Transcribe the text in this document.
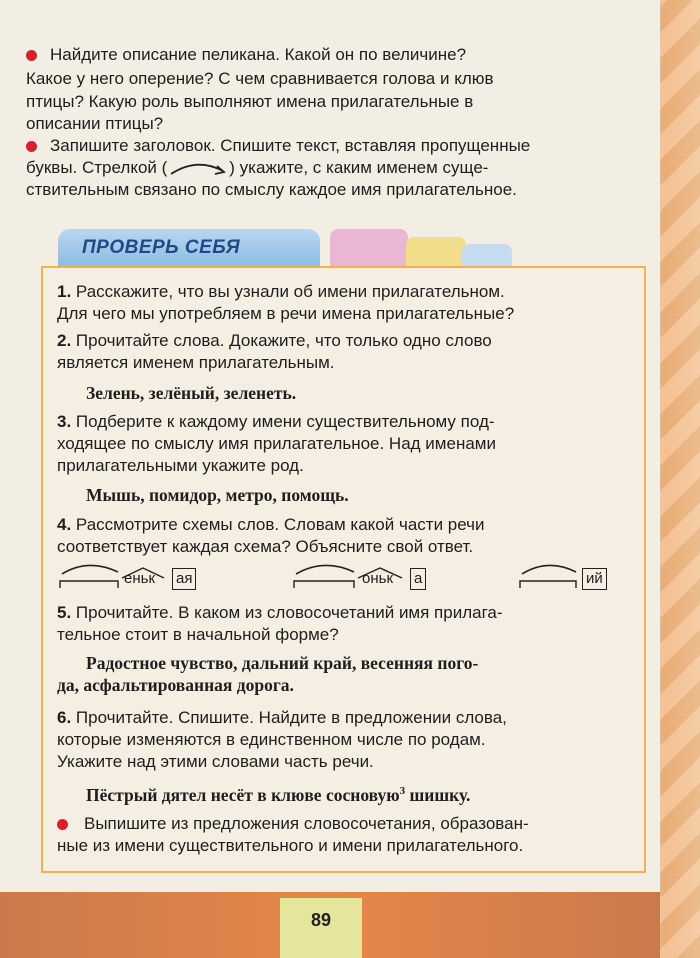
Найдите описание пеликана. Какой он по величине?
Какое у него оперение? С чем сравнивается голова и клюв
птицы? Какую роль выполняют имена прилагательные в
описании птицы?
Запишите заголовок. Спишите текст, вставляя пропущенные
буквы. Стрелкой (	) укажите, с каким именем суще-
ствительным связано по смыслу каждое имя прилагательное.
ПРОВЕРЬ СЕБЯ
1. Расскажите, что вы узнали об имени прилагательном.
Для чего мы употребляем в речи имена прилагательные?
2. Прочитайте слова. Докажите, что только одно слово
является именем прилагательным.
Зелень, зелёный, зеленеть.
3. Подберите к каждому имени существительному под-
ходящее по смыслу имя прилагательное. Над именами
прилагательными укажите род.
Мышь, помидор, метро, помощь.
4. Рассмотрите схемы слов. Словам какой части речи
соответствует каждая схема? Объясните свой ответ.
еньк ая	оньк а	ий
5. Прочитайте. В каком из словосочетаний имя прилага-
тельное стоит в начальной форме?
Радостное чувство, дальний край, весенняя пого-
да, асфальтированная дорога.
6. Прочитайте. Спишите. Найдите в предложении слова,
которые изменяются в единственном числе по родам.
Укажите над этими словами часть речи.
Пёстрый дятел несёт в клюве сосновую$^3$ шишку.
Выпишите из предложения словосочетания, образован-
ные из имени существительного и имени прилагательного.
89
